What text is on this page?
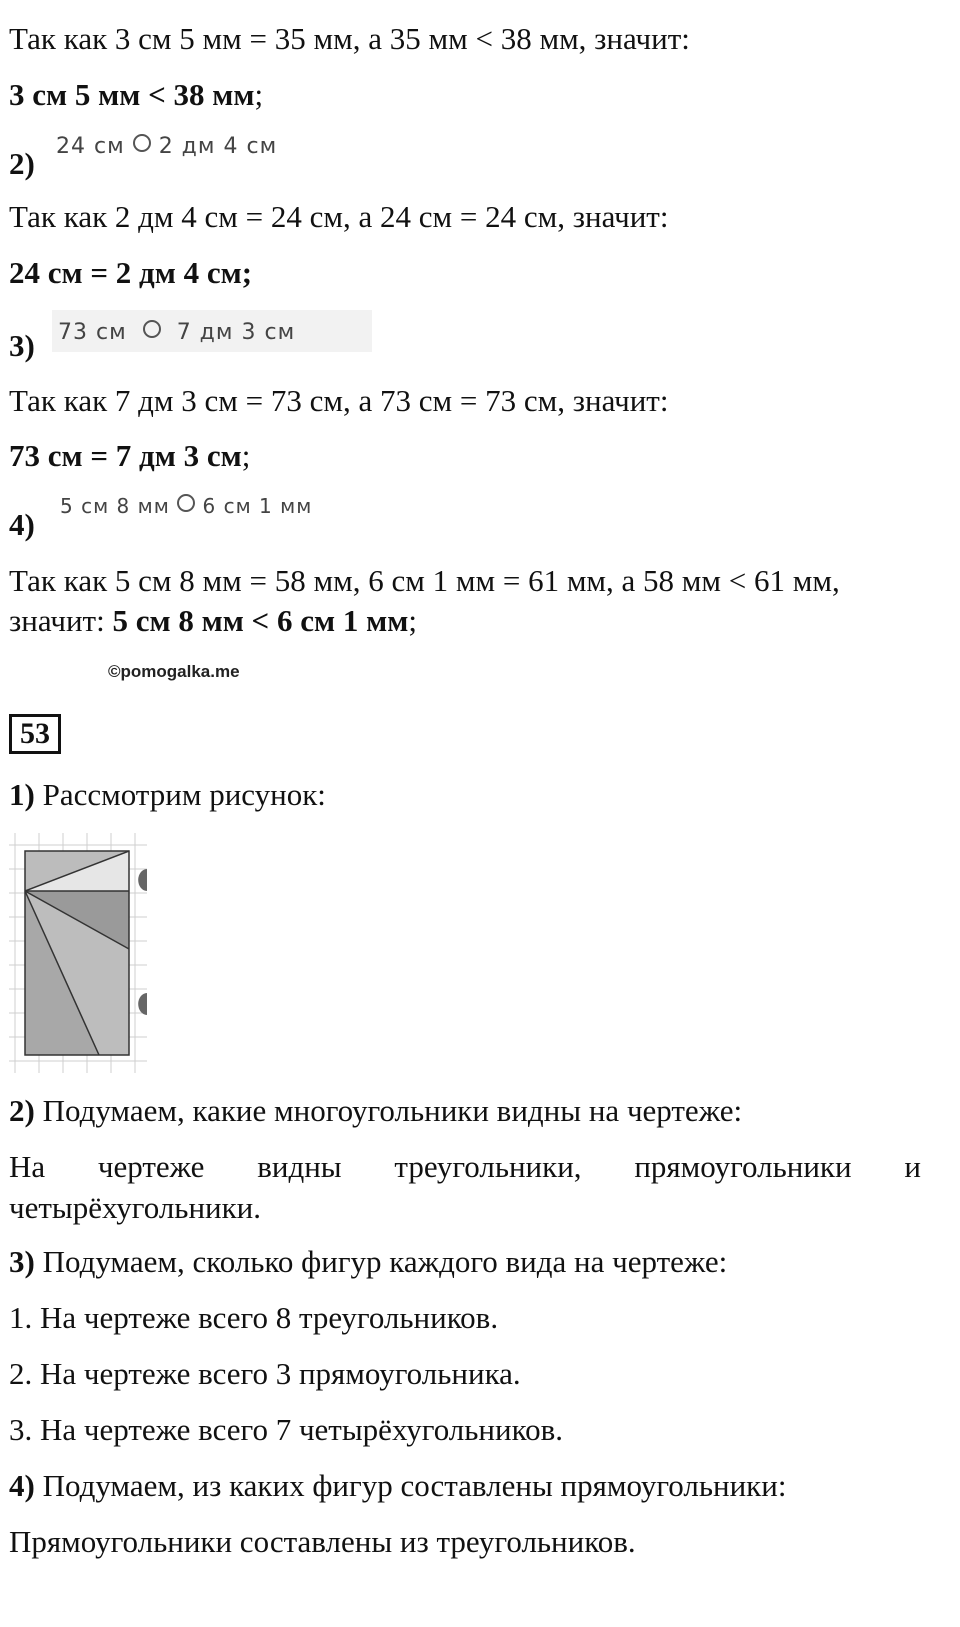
Так как 3 см 5 мм = 35 мм, а 35 мм < 38 мм, значит:
3 см 5 мм < 38 мм;
2) 24 см 2 дм 4 см
Так как 2 дм 4 см = 24 см, а 24 см = 24 см, значит:
24 см = 2 дм 4 см;
3) 73 см 7 дм 3 см
Так как 7 дм 3 см = 73 см, а 73 см = 73 см, значит:
73 см = 7 дм 3 см;
4)
5 см 8 мм 6 см 1 мм
Так как 5 см 8 мм = 58 мм, 6 см 1 мм = 61 мм, а 58 мм < 61 мм,
значит: 5 см 8 мм < 6 см 1 мм;
©pomogalka.me
53
1) Рассмотрим рисунок:
2) Подумаем, какие многоугольники видны на чертеже:
На чертеже видны треугольники, прямоугольники и
четырёхугольники.
3) Подумаем, сколько фигур каждого вида на чертеже:
1. На чертеже всего 8 треугольников.
2. На чертеже всего 3 прямоугольника.
3. На чертеже всего 7 четырёхугольников.
4) Подумаем, из каких фигур составлены прямоугольники:
Прямоугольники составлены из треугольников.
